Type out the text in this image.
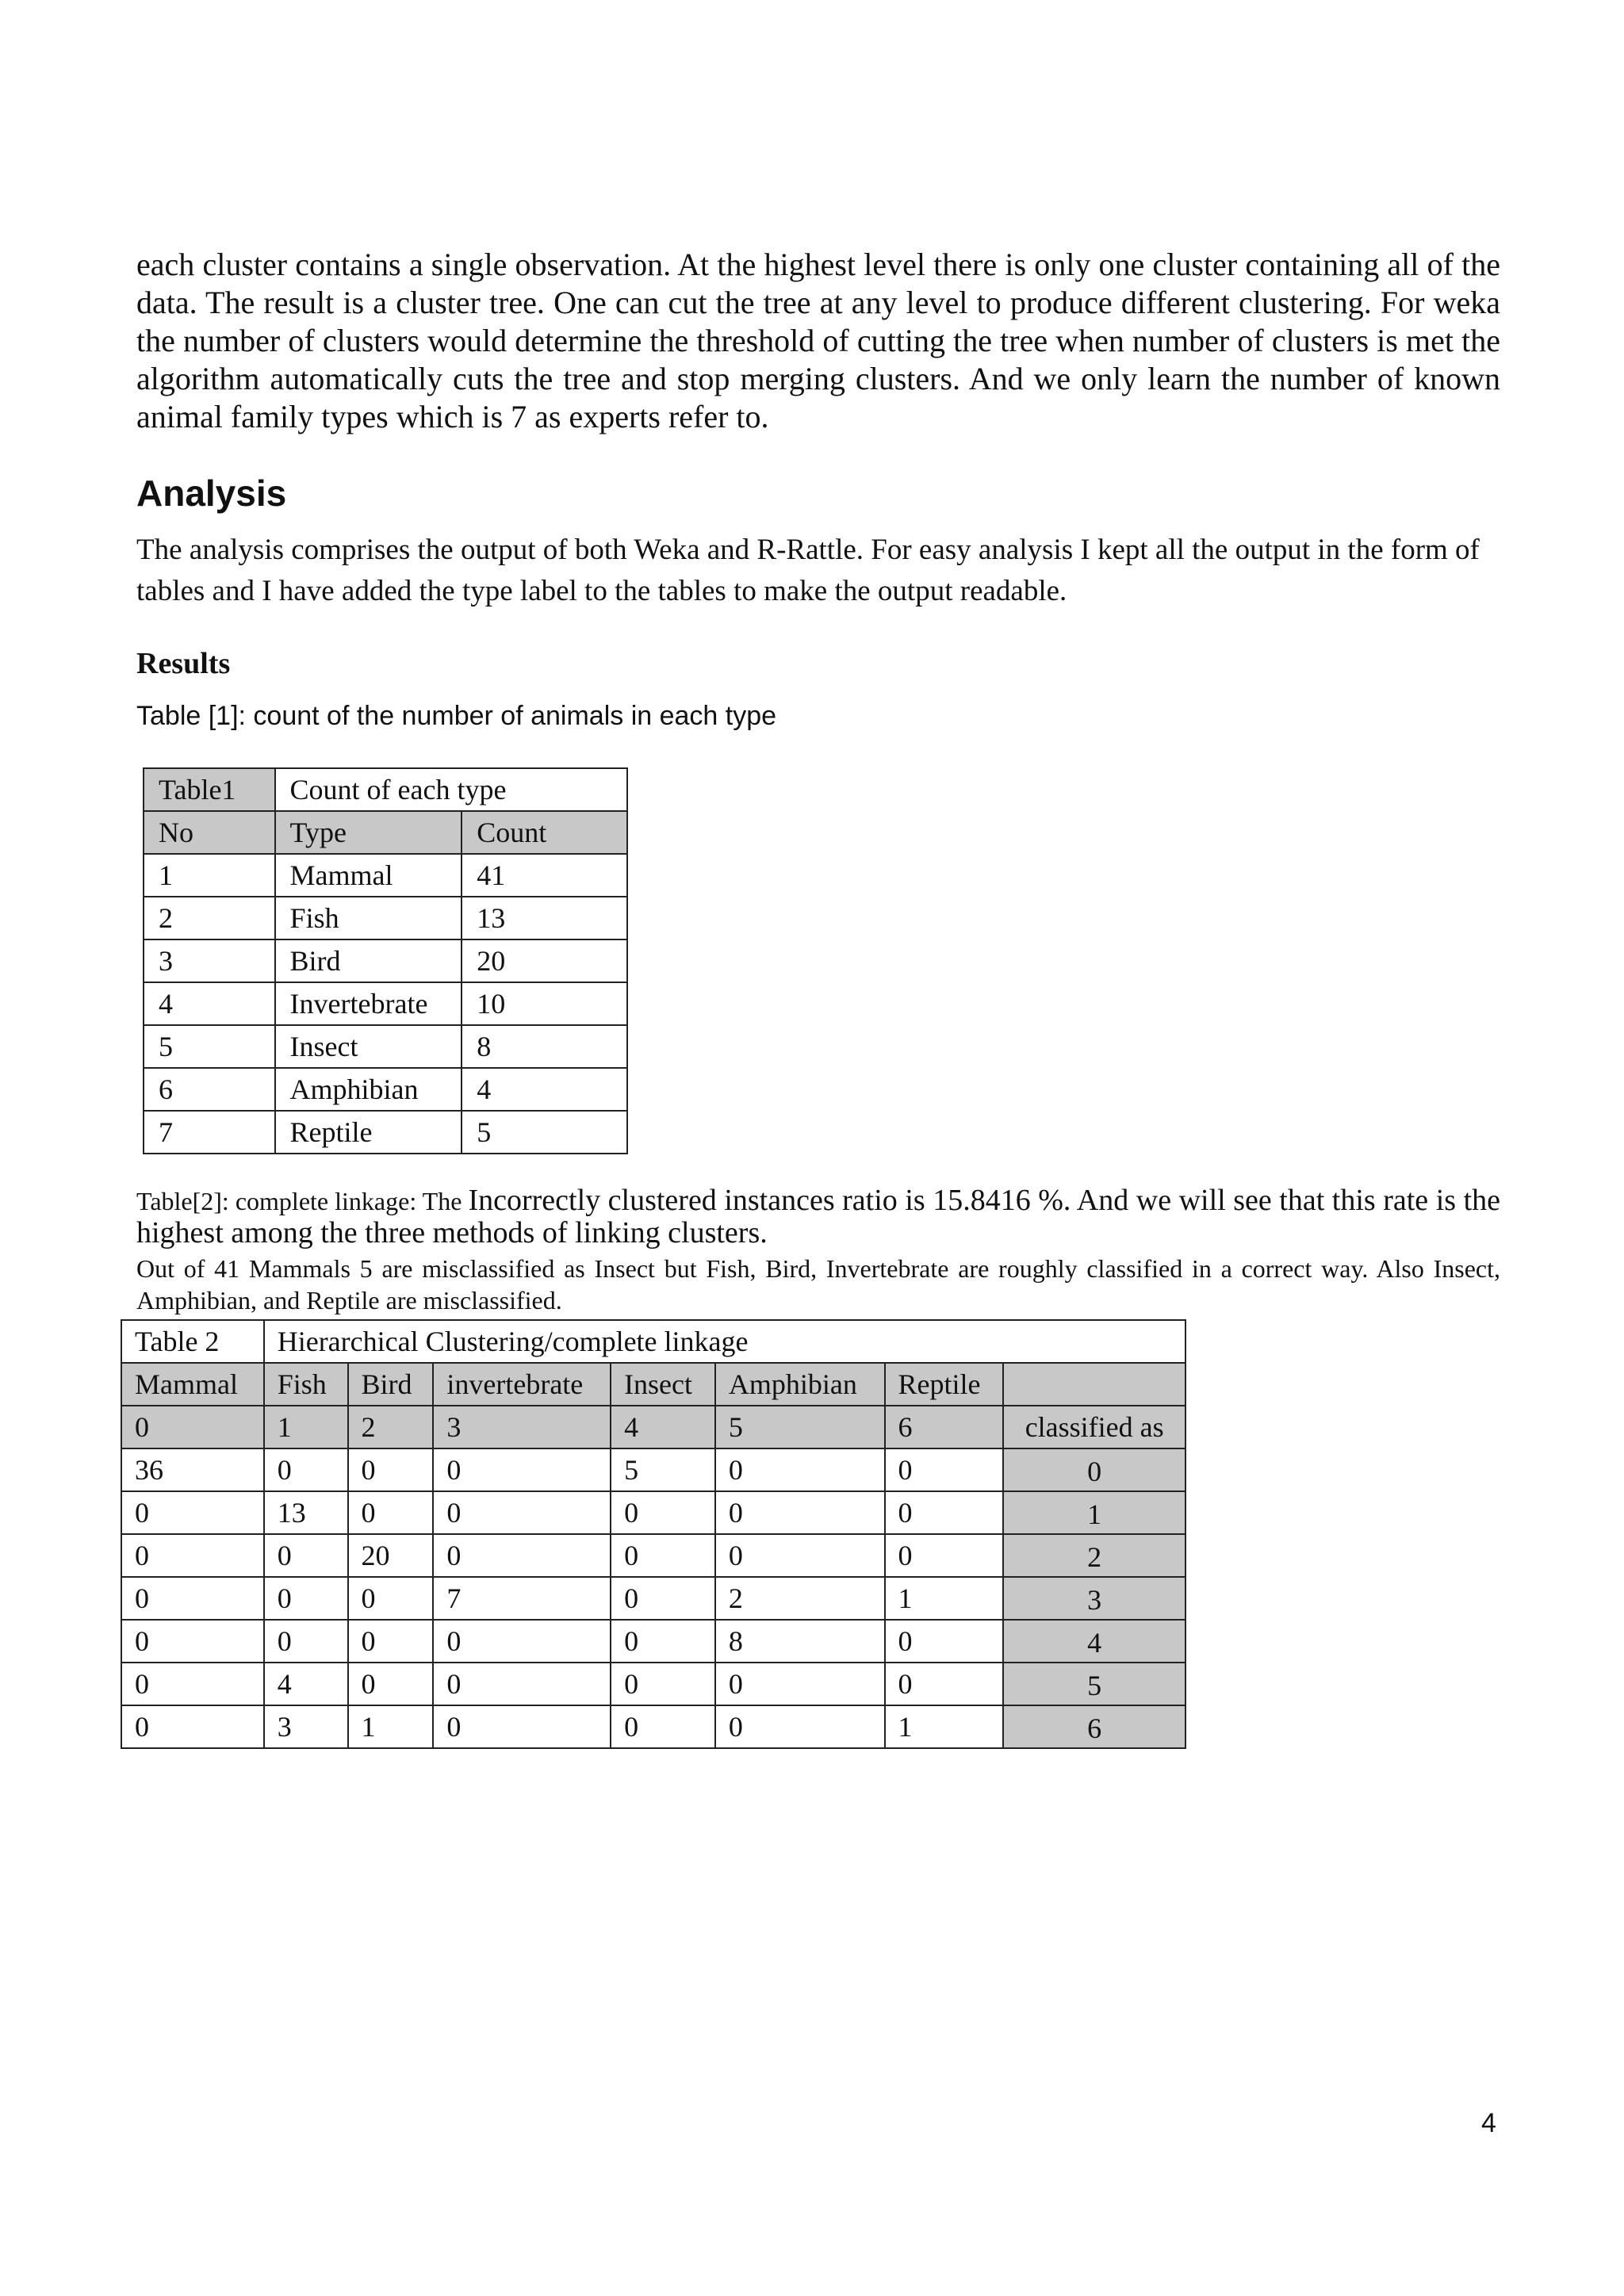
each cluster contains a single observation. At the highest level there is only one cluster containing all of the data. The result is a cluster tree. One can cut the tree at any level to produce different clustering. For weka the number of clusters would determine the threshold of cutting the tree when number of clusters is met the algorithm automatically cuts the tree and stop merging clusters. And we only learn the number of known animal family types which is 7 as experts refer to.

Analysis

The analysis comprises the output of both Weka and R-Rattle. For easy analysis I kept all the output in the form of tables and I have added the type label to the tables to make the output readable.

Results
Table [1]: count of the number of animals in each type
Table1	Count of each type	
No	Type	Count
1	Mammal	41
2	Fish	13
3	Bird	20
4	Invertebrate	10
5	Insect	8
6	Amphibian	4
7	Reptile	5
Table[2]: complete linkage: The Incorrectly clustered instances ratio is 15.8416 %. And we will see that this rate is the highest among the three methods of linking clusters.
Out of 41 Mammals 5 are misclassified as Insect but Fish, Bird, Invertebrate are roughly classified in a correct way. Also Insect, Amphibian, and Reptile are misclassified.
Table 2	Hierarchical Clustering/complete linkage						
Mammal	Fish	Bird	invertebrate	Insect	Amphibian	Reptile	
0	1	2	3	4	5	6	classified as
36	0	0	0	5	0	0	0
0	13	0	0	0	0	0	1
0	0	20	0	0	0	0	2
0	0	0	7	0	2	1	3
0	0	0	0	0	8	0	4
0	4	0	0	0	0	0	5
0	3	1	0	0	0	1	6
4
